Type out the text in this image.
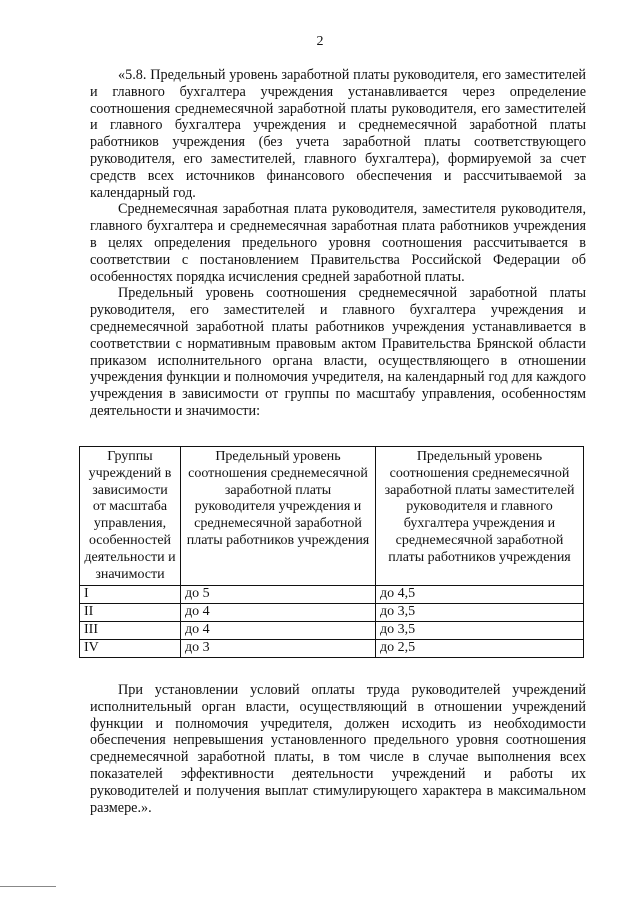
2

«5.8. Предельный уровень заработной платы руководителя, его заместителей и главного бухгалтера учреждения устанавливается через определение соотношения среднемесячной заработной платы руководителя, его заместителей и главного бухгалтера учреждения и среднемесячной заработной платы работников учреждения (без учета заработной платы соответствующего руководителя, его заместителей, главного бухгалтера), формируемой за счет средств всех источников финансового обеспечения и рассчитываемой за календарный год.

Среднемесячная заработная плата руководителя, заместителя руководителя, главного бухгалтера и среднемесячная заработная плата работников учреждения в целях определения предельного уровня соотношения рассчитывается в соответствии с постановлением Правительства Российской Федерации об особенностях порядка исчисления средней заработной платы.

Предельный уровень соотношения среднемесячной заработной платы руководителя, его заместителей и главного бухгалтера учреждения и среднемесячной заработной платы работников учреждения устанавливается в соответствии с нормативным правовым актом Правительства Брянской области приказом исполнительного органа власти, осуществляющего в отношении учреждения функции и полномочия учредителя, на календарный год для каждого учреждения в зависимости от группы по масштабу управления, особенностям деятельности и значимости:

Группы учреждений в зависимости от масштаба управления, особенностей деятельности и значимости	Предельный уровень соотношения среднемесячной заработной платы руководителя учреждения и среднемесячной заработной платы работников учреждения	Предельный уровень соотношения среднемесячной заработной платы заместителей руководителя и главного бухгалтера учреждения и среднемесячной заработной платы работников учреждения
I	до 5	до 4,5
II	до 4	до 3,5
III	до 4	до 3,5
IV	до 3	до 2,5

При установлении условий оплаты труда руководителей учреждений исполнительный орган власти, осуществляющий в отношении учреждений функции и полномочия учредителя, должен исходить из необходимости обеспечения непревышения установленного предельного уровня соотношения среднемесячной заработной платы, в том числе в случае выполнения всех показателей эффективности деятельности учреждений и работы их руководителей и получения выплат стимулирующего характера в максимальном размере.».
